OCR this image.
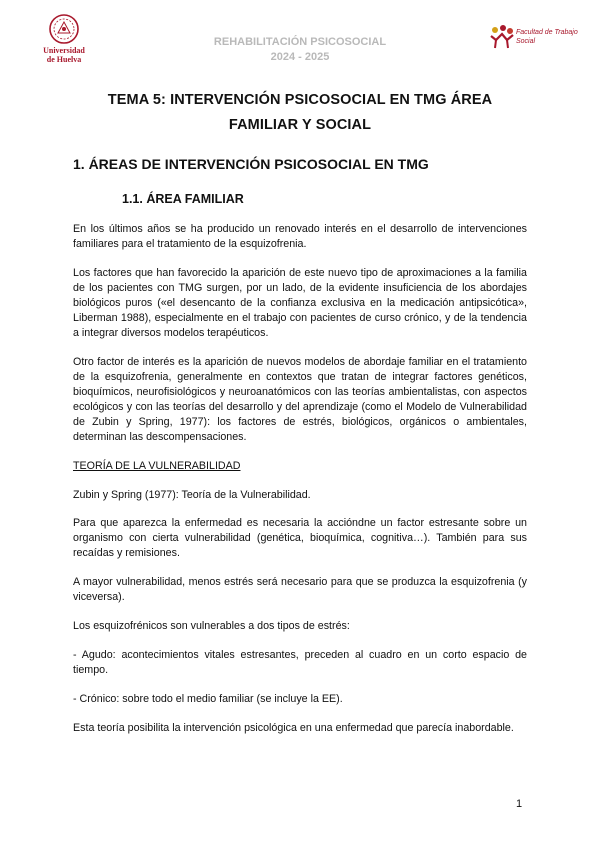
Universidad de Huelva
REHABILITACIÓN PSICOSOCIAL
2024 - 2025
Facultad de Trabajo Social
TEMA 5: INTERVENCIÓN PSICOSOCIAL EN TMG ÁREA FAMILIAR Y SOCIAL
1. ÁREAS DE INTERVENCIÓN PSICOSOCIAL EN TMG
1.1. ÁREA FAMILIAR

En los últimos años se ha producido un renovado interés en el desarrollo de intervenciones familiares para el tratamiento de la esquizofrenia.

Los factores que han favorecido la aparición de este nuevo tipo de aproximaciones a la familia de los pacientes con TMG surgen, por un lado, de la evidente insuficiencia de los abordajes biológicos puros («el desencanto de la confianza exclusiva en la medicación antipsicótica», Liberman 1988), especialmente en el trabajo con pacientes de curso crónico, y de la tendencia a integrar diversos modelos terapéuticos.

Otro factor de interés es la aparición de nuevos modelos de abordaje familiar en el tratamiento de la esquizofrenia, generalmente en contextos que tratan de integrar factores genéticos, bioquímicos, neurofisiológicos y neuroanatómicos con las teorías ambientalistas, con aspectos ecológicos y con las teorías del desarrollo y del aprendizaje (como el Modelo de Vulnerabilidad de Zubin y Spring, 1977): los factores de estrés, biológicos, orgánicos o ambientales, determinan las descompensaciones.

TEORÍA DE LA VULNERABILIDAD

Zubin y Spring (1977): Teoría de la Vulnerabilidad.

Para que aparezca la enfermedad es necesaria la accióndne un factor estresante sobre un organismo con cierta vulnerabilidad (genética, bioquímica, cognitiva…). También para sus recaídas y remisiones.

A mayor vulnerabilidad, menos estrés será necesario para que se produzca la esquizofrenia (y viceversa).

Los esquizofrénicos son vulnerables a dos tipos de estrés:

- Agudo: acontecimientos vitales estresantes, preceden al cuadro en un corto espacio de tiempo.

- Crónico: sobre todo el medio familiar (se incluye la EE).

Esta teoría posibilita la intervención psicológica en una enfermedad que parecía inabordable.

1
